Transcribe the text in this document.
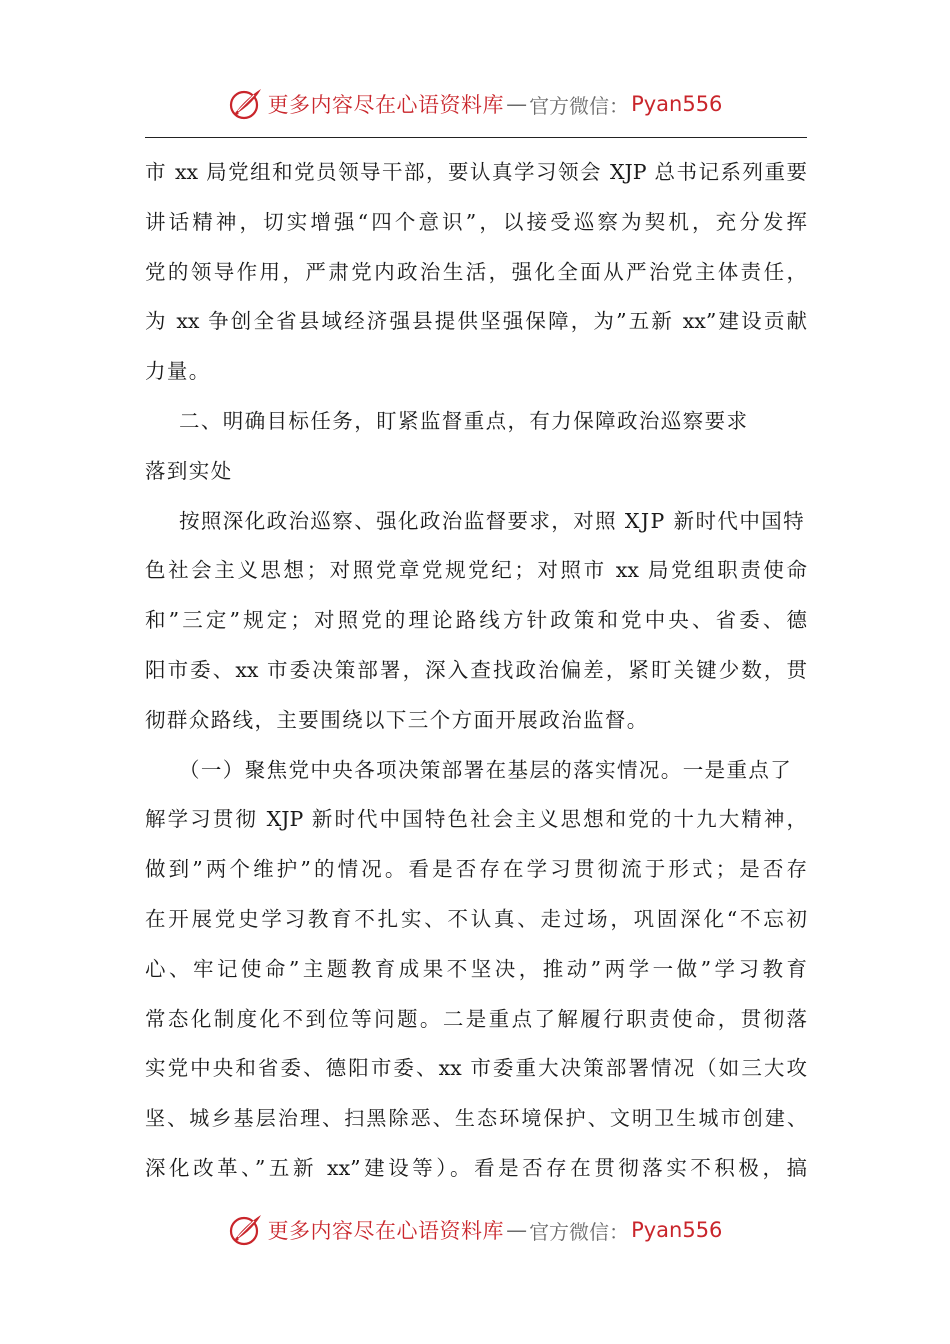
更多内容尽在心语资料库 — 官方微信： Pyan556
市 xx 局党组和党员领导干部，要认真学习领会 XJP 总书记系列重要
讲话精神，切实增强“四个意识”，以接受巡察为契机，充分发挥
党的领导作用，严肃党内政治生活，强化全面从严治党主体责任，
为 xx 争创全省县域经济强县提供坚强保障，为”五新 xx”建设贡献
力量。
二、明确目标任务，盯紧监督重点，有力保障政治巡察要求
落到实处
按照深化政治巡察、强化政治监督要求，对照 XJP 新时代中国特
色社会主义思想；对照党章党规党纪；对照市 xx 局党组职责使命
和”三定”规定；对照党的理论路线方针政策和党中央、省委、德
阳市委、xx 市委决策部署，深入查找政治偏差，紧盯关键少数，贯
彻群众路线，主要围绕以下三个方面开展政治监督。
（一）聚焦党中央各项决策部署在基层的落实情况。一是重点了
解学习贯彻 XJP 新时代中国特色社会主义思想和党的十九大精神，
做到”两个维护”的情况。看是否存在学习贯彻流于形式；是否存
在开展党史学习教育不扎实、不认真、走过场，巩固深化“不忘初
心、牢记使命”主题教育成果不坚决，推动”两学一做”学习教育
常态化制度化不到位等问题。二是重点了解履行职责使命，贯彻落
实党中央和省委、德阳市委、xx 市委重大决策部署情况（如三大攻
坚、城乡基层治理、扫黑除恶、生态环境保护、文明卫生城市创建、
深化改革、”五新 xx”建设等）。看是否存在贯彻落实不积极，搞
更多内容尽在心语资料库 — 官方微信： Pyan556
